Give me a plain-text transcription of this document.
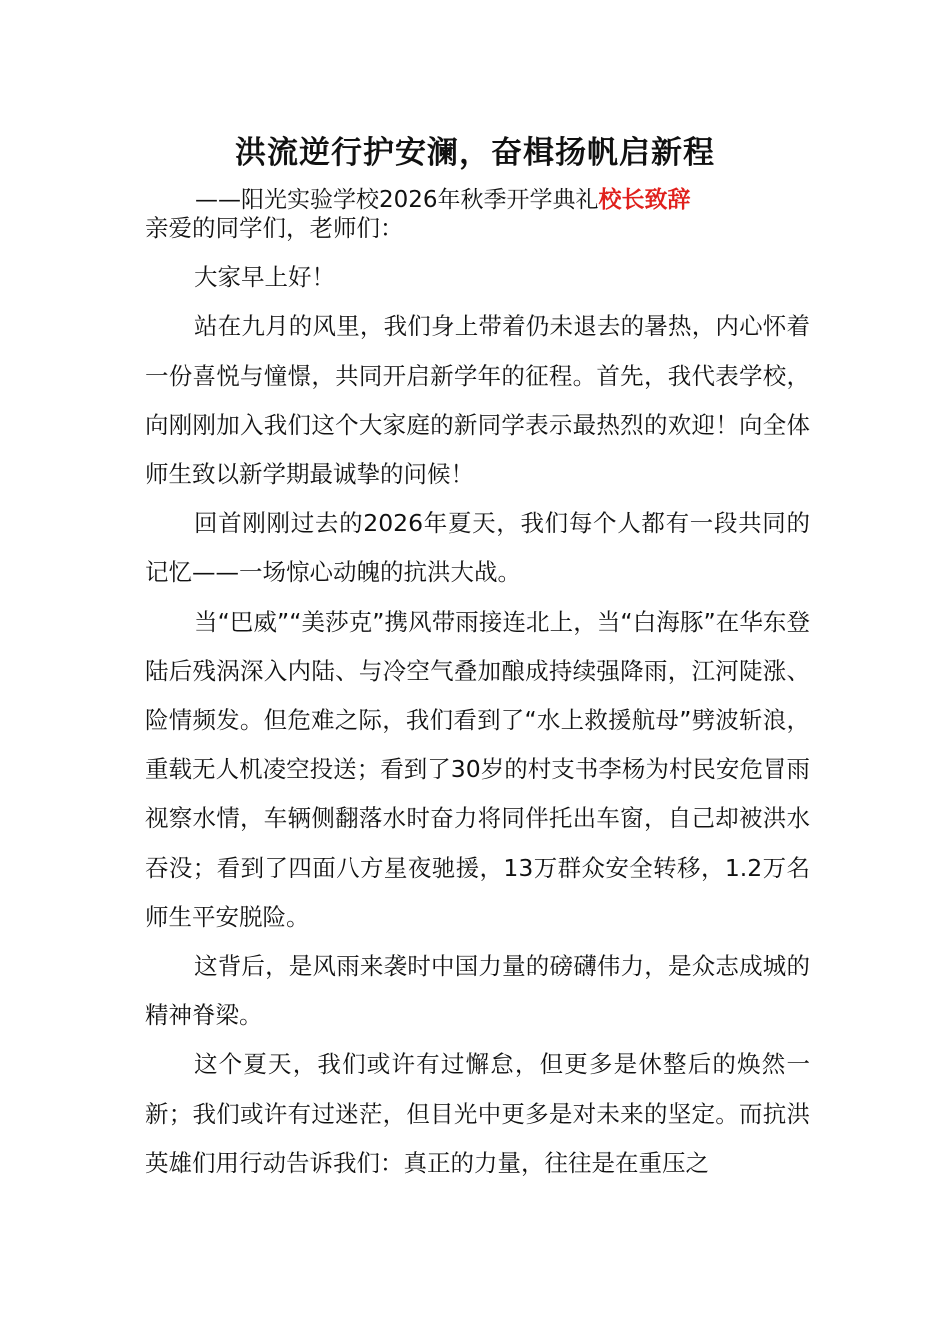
洪流逆行护安澜，奋楫扬帆启新程

——阳光实验学校2026年秋季开学典礼校长致辞

亲爱的同学们，老师们：

大家早上好！

站在九月的风里，我们身上带着仍未退去的暑热，内心怀着一份喜悦与憧憬，共同开启新学年的征程。首先，我代表学校，向刚刚加入我们这个大家庭的新同学表示最热烈的欢迎！向全体师生致以新学期最诚挚的问候！

回首刚刚过去的2026年夏天，我们每个人都有一段共同的记忆——一场惊心动魄的抗洪大战。

当“巴威”“美莎克”携风带雨接连北上，当“白海豚”在华东登陆后残涡深入内陆、与冷空气叠加酿成持续强降雨，江河陡涨、险情频发。但危难之际，我们看到了“水上救援航母”劈波斩浪，重载无人机凌空投送；看到了30岁的村支书李杨为村民安危冒雨视察水情，车辆侧翻落水时奋力将同伴托出车窗，自己却被洪水吞没；看到了四面八方星夜驰援，13万群众安全转移，1.2万名师生平安脱险。

这背后，是风雨来袭时中国力量的磅礴伟力，是众志成城的精神脊梁。

这个夏天，我们或许有过懈怠，但更多是休整后的焕然一新；我们或许有过迷茫，但目光中更多是对未来的坚定。而抗洪英雄们用行动告诉我们：真正的力量，往往是在重压之
